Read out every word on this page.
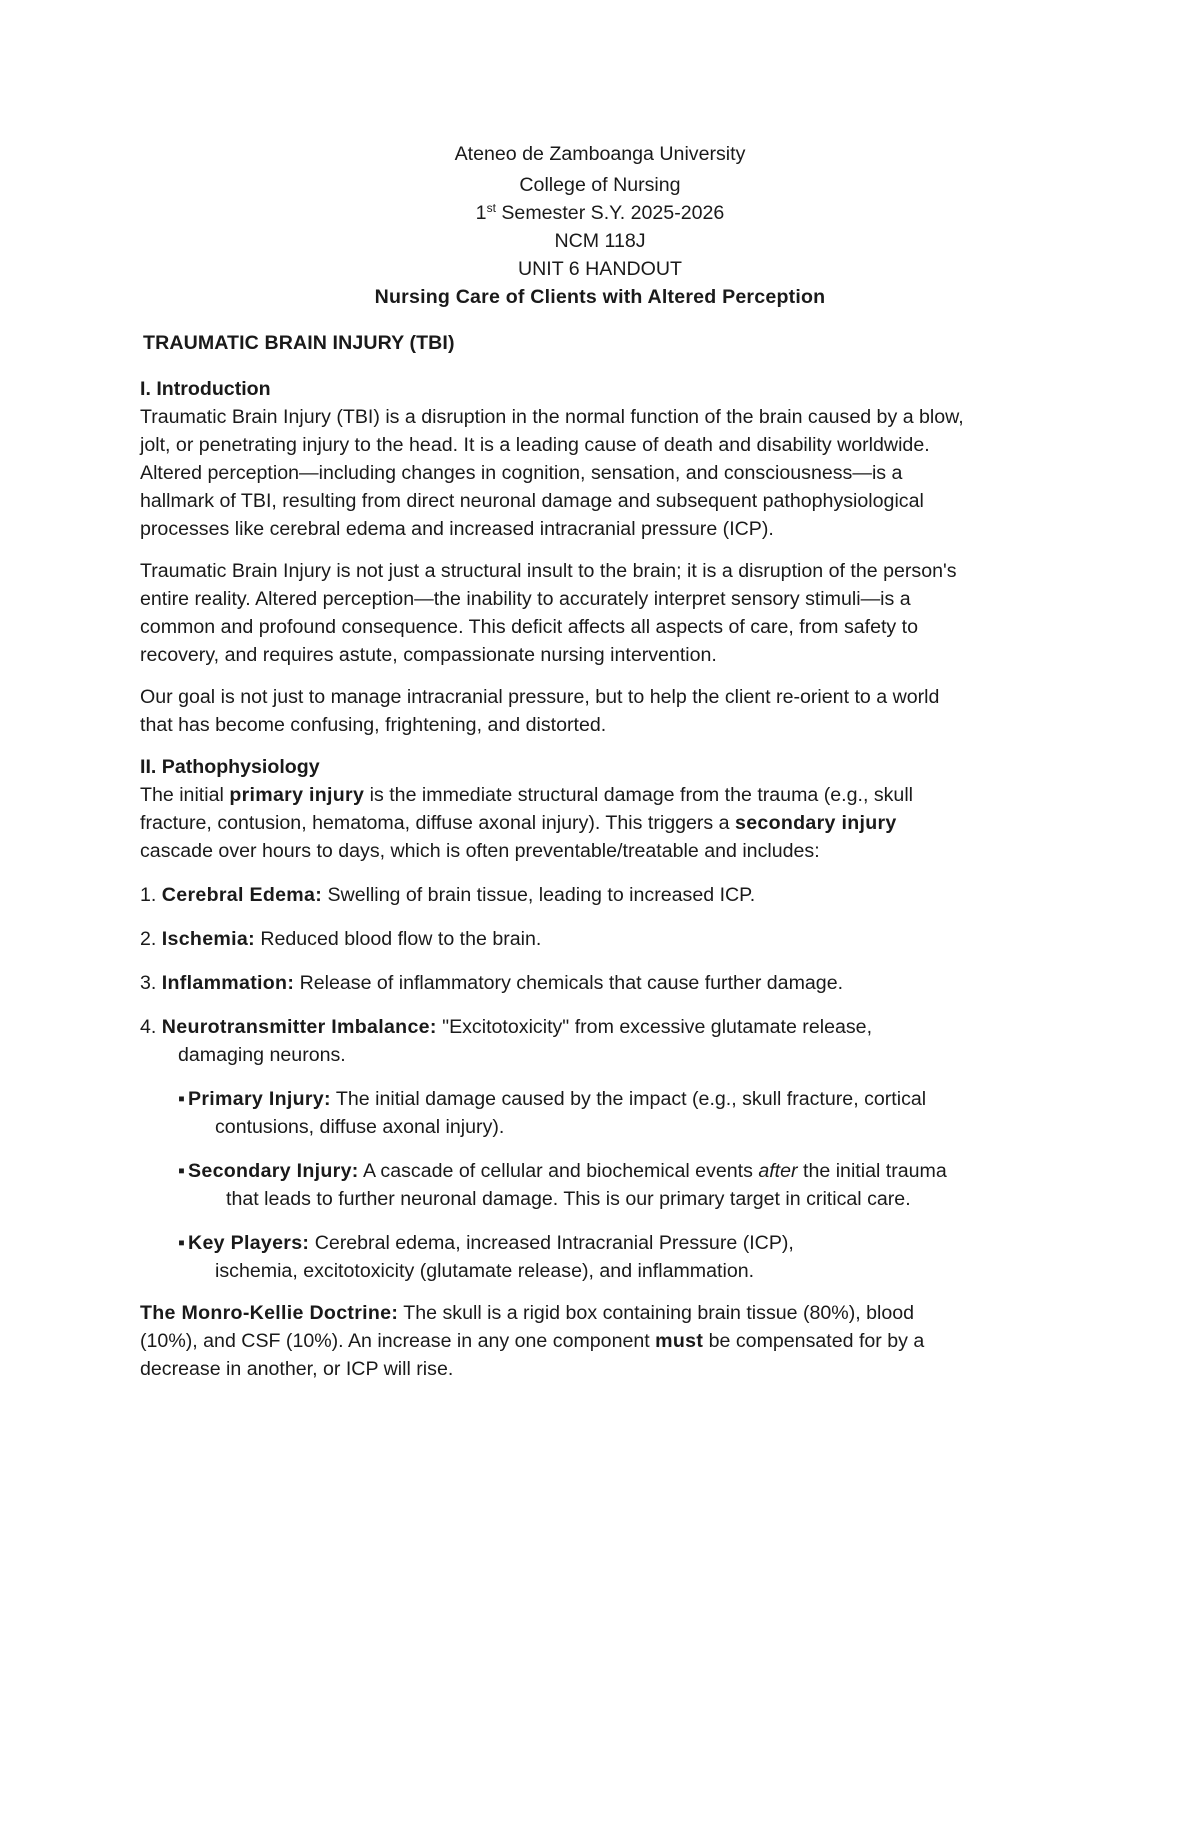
Ateneo de Zamboanga University
College of Nursing
1st Semester S.Y. 2025-2026
NCM 118J
UNIT 6 HANDOUT
Nursing Care of Clients with Altered Perception
TRAUMATIC BRAIN INJURY (TBI)
I. Introduction

Traumatic Brain Injury (TBI) is a disruption in the normal function of the brain caused by a blow,
jolt, or penetrating injury to the head. It is a leading cause of death and disability worldwide.
Altered perception—including changes in cognition, sensation, and consciousness—is a
hallmark of TBI, resulting from direct neuronal damage and subsequent pathophysiological
processes like cerebral edema and increased intracranial pressure (ICP).

Traumatic Brain Injury is not just a structural insult to the brain; it is a disruption of the person's
entire reality. Altered perception—the inability to accurately interpret sensory stimuli—is a
common and profound consequence. This deficit affects all aspects of care, from safety to
recovery, and requires astute, compassionate nursing intervention.

Our goal is not just to manage intracranial pressure, but to help the client re-orient to a world
that has become confusing, frightening, and distorted.

II. Pathophysiology

The initial primary injury is the immediate structural damage from the trauma (e.g., skull
fracture, contusion, hematoma, diffuse axonal injury). This triggers a secondary injury
cascade over hours to days, which is often preventable/treatable and includes:

1. Cerebral Edema: Swelling of brain tissue, leading to increased ICP.
2. Ischemia: Reduced blood flow to the brain.
3. Inflammation: Release of inflammatory chemicals that cause further damage.
4. Neurotransmitter Imbalance: "Excitotoxicity" from excessive glutamate release,
damaging neurons.
▪ Primary Injury: The initial damage caused by the impact (e.g., skull fracture, cortical
contusions, diffuse axonal injury).
▪ Secondary Injury: A cascade of cellular and biochemical events after the initial trauma
that leads to further neuronal damage. This is our primary target in critical care.
▪ Key Players: Cerebral edema, increased Intracranial Pressure (ICP),
ischemia, excitotoxicity (glutamate release), and inflammation.

The Monro-Kellie Doctrine: The skull is a rigid box containing brain tissue (80%), blood
(10%), and CSF (10%). An increase in any one component must be compensated for by a
decrease in another, or ICP will rise.
